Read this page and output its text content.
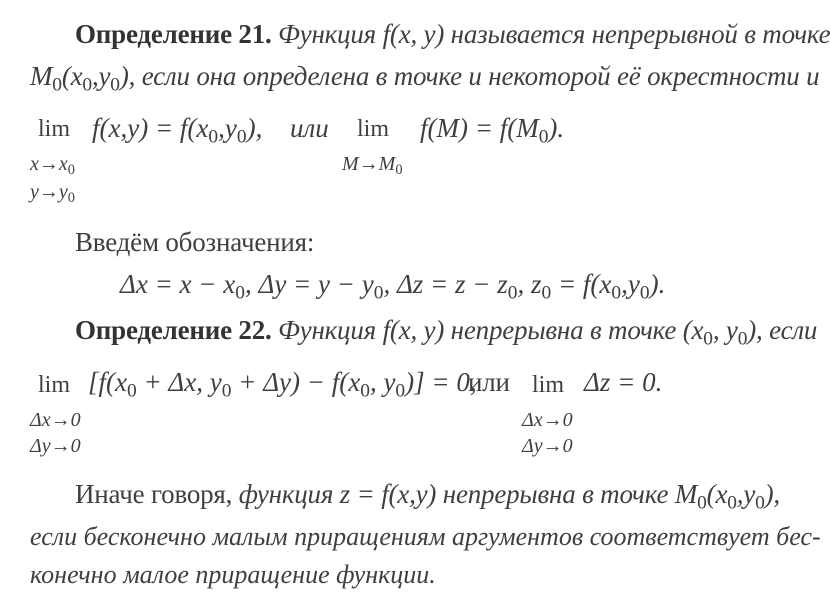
Определение 21. Функция f(x, y) называется непрерывной в точке
$M_0(x_0,y_0)$, если она определена в точке и некоторой её окрестности и
$\lim f(x,y) = f(x_0,y_0)$, или $\lim f(M) = f(M_0)$.
$x\to x_0$
$y\to y_0$
$M\to M_0$
Введём обозначения:
$\Delta x = x - x_0$, $\Delta y = y - y_0$, $\Delta z = z - z_0$, $z_0 = f(x_0,y_0)$.
Определение 22. Функция f(x, y) непрерывна в точке ($x_0$, $y_0$), если
$\lim [f(x_0 + \Delta x$, $y_0 + \Delta y) - f(x_0$, $y_0)] = 0$,
или lim Δz = 0.
Δx→0
Δy→0
Δx→0
Δy→0
Иначе говоря, функция z = f(x,y) непрерывна в точке $M_0(x_0,y_0)$,
если бесконечно малым приращениям аргументов соответствует бес-
конечно малое приращение функции.
